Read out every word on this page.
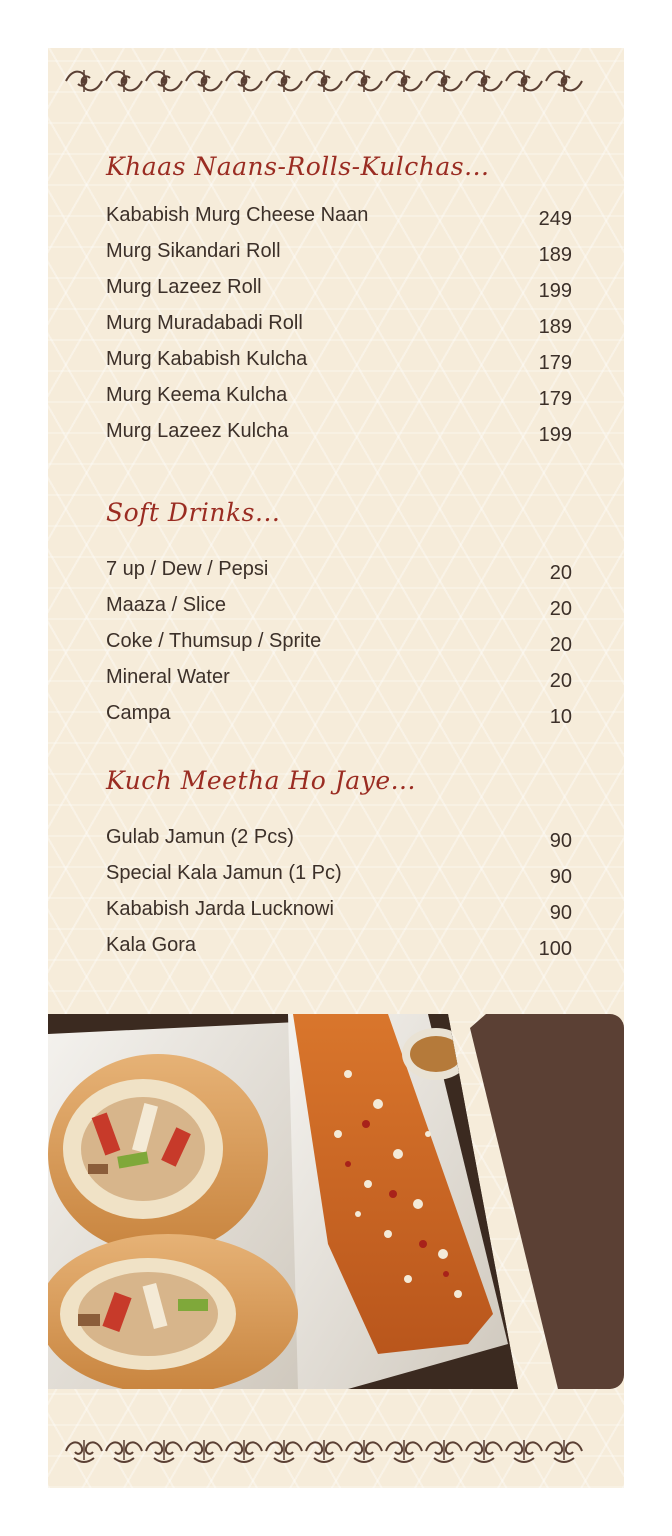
Khaas Naans-Rolls-Kulchas...
Kababish Murg Cheese Naan	249
Murg Sikandari Roll	189
Murg Lazeez Roll	199
Murg Muradabadi Roll	189
Murg Kababish Kulcha	179
Murg Keema Kulcha	179
Murg Lazeez Kulcha	199
Soft Drinks...
7 up / Dew / Pepsi	20
Maaza / Slice	20
Coke / Thumsup / Sprite	20
Mineral Water	20
Campa	10
Kuch Meetha Ho Jaye...
Gulab Jamun (2 Pcs)	90
Special Kala Jamun (1 Pc)	90
Kababish Jarda Lucknowi	90
Kala Gora	100
